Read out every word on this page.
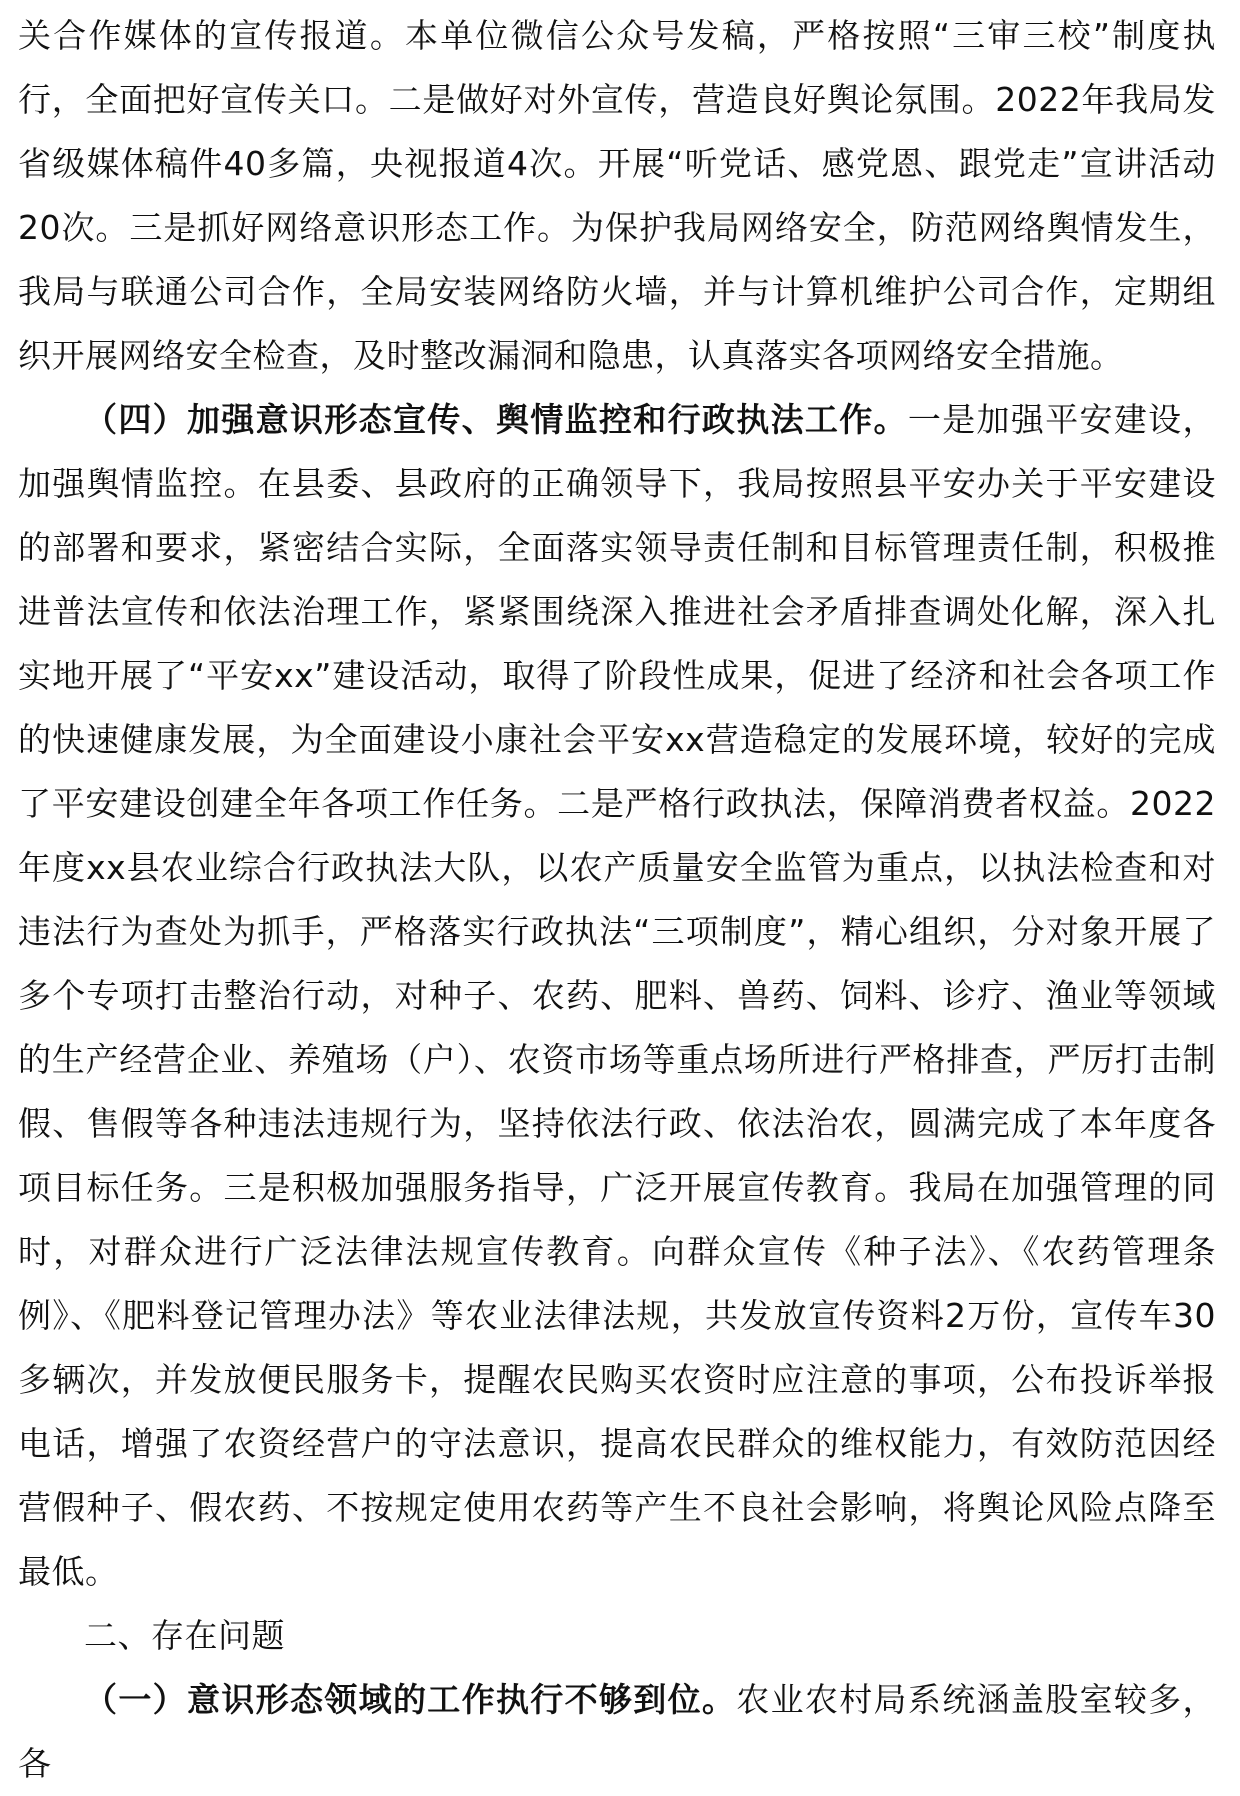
关合作媒体的宣传报道。本单位微信公众号发稿，严格按照“三审三校”制度执行，全面把好宣传关口。二是做好对外宣传，营造良好舆论氛围。2022年我局发省级媒体稿件40多篇，央视报道4次。开展“听党话、感党恩、跟党走”宣讲活动20次。三是抓好网络意识形态工作。为保护我局网络安全，防范网络舆情发生，我局与联通公司合作，全局安装网络防火墙，并与计算机维护公司合作，定期组织开展网络安全检查，及时整改漏洞和隐患，认真落实各项网络安全措施。

（四）加强意识形态宣传、舆情监控和行政执法工作。一是加强平安建设，加强舆情监控。在县委、县政府的正确领导下，我局按照县平安办关于平安建设的部署和要求，紧密结合实际，全面落实领导责任制和目标管理责任制，积极推进普法宣传和依法治理工作，紧紧围绕深入推进社会矛盾排查调处化解，深入扎实地开展了“平安xx”建设活动，取得了阶段性成果，促进了经济和社会各项工作的快速健康发展，为全面建设小康社会平安xx营造稳定的发展环境，较好的完成了平安建设创建全年各项工作任务。二是严格行政执法，保障消费者权益。2022年度xx县农业综合行政执法大队，以农产质量安全监管为重点，以执法检查和对违法行为查处为抓手，严格落实行政执法“三项制度”，精心组织，分对象开展了多个专项打击整治行动，对种子、农药、肥料、兽药、饲料、诊疗、渔业等领域的生产经营企业、养殖场（户）、农资市场等重点场所进行严格排查，严厉打击制假、售假等各种违法违规行为，坚持依法行政、依法治农，圆满完成了本年度各项目标任务。三是积极加强服务指导，广泛开展宣传教育。我局在加强管理的同时，对群众进行广泛法律法规宣传教育。向群众宣传《种子法》、《农药管理条例》、《肥料登记管理办法》等农业法律法规，共发放宣传资料2万份，宣传车30多辆次，并发放便民服务卡，提醒农民购买农资时应注意的事项，公布投诉举报电话，增强了农资经营户的守法意识，提高农民群众的维权能力，有效防范因经营假种子、假农药、不按规定使用农药等产生不良社会影响，将舆论风险点降至最低。

二、存在问题

（一）意识形态领域的工作执行不够到位。农业农村局系统涵盖股室较多，各
